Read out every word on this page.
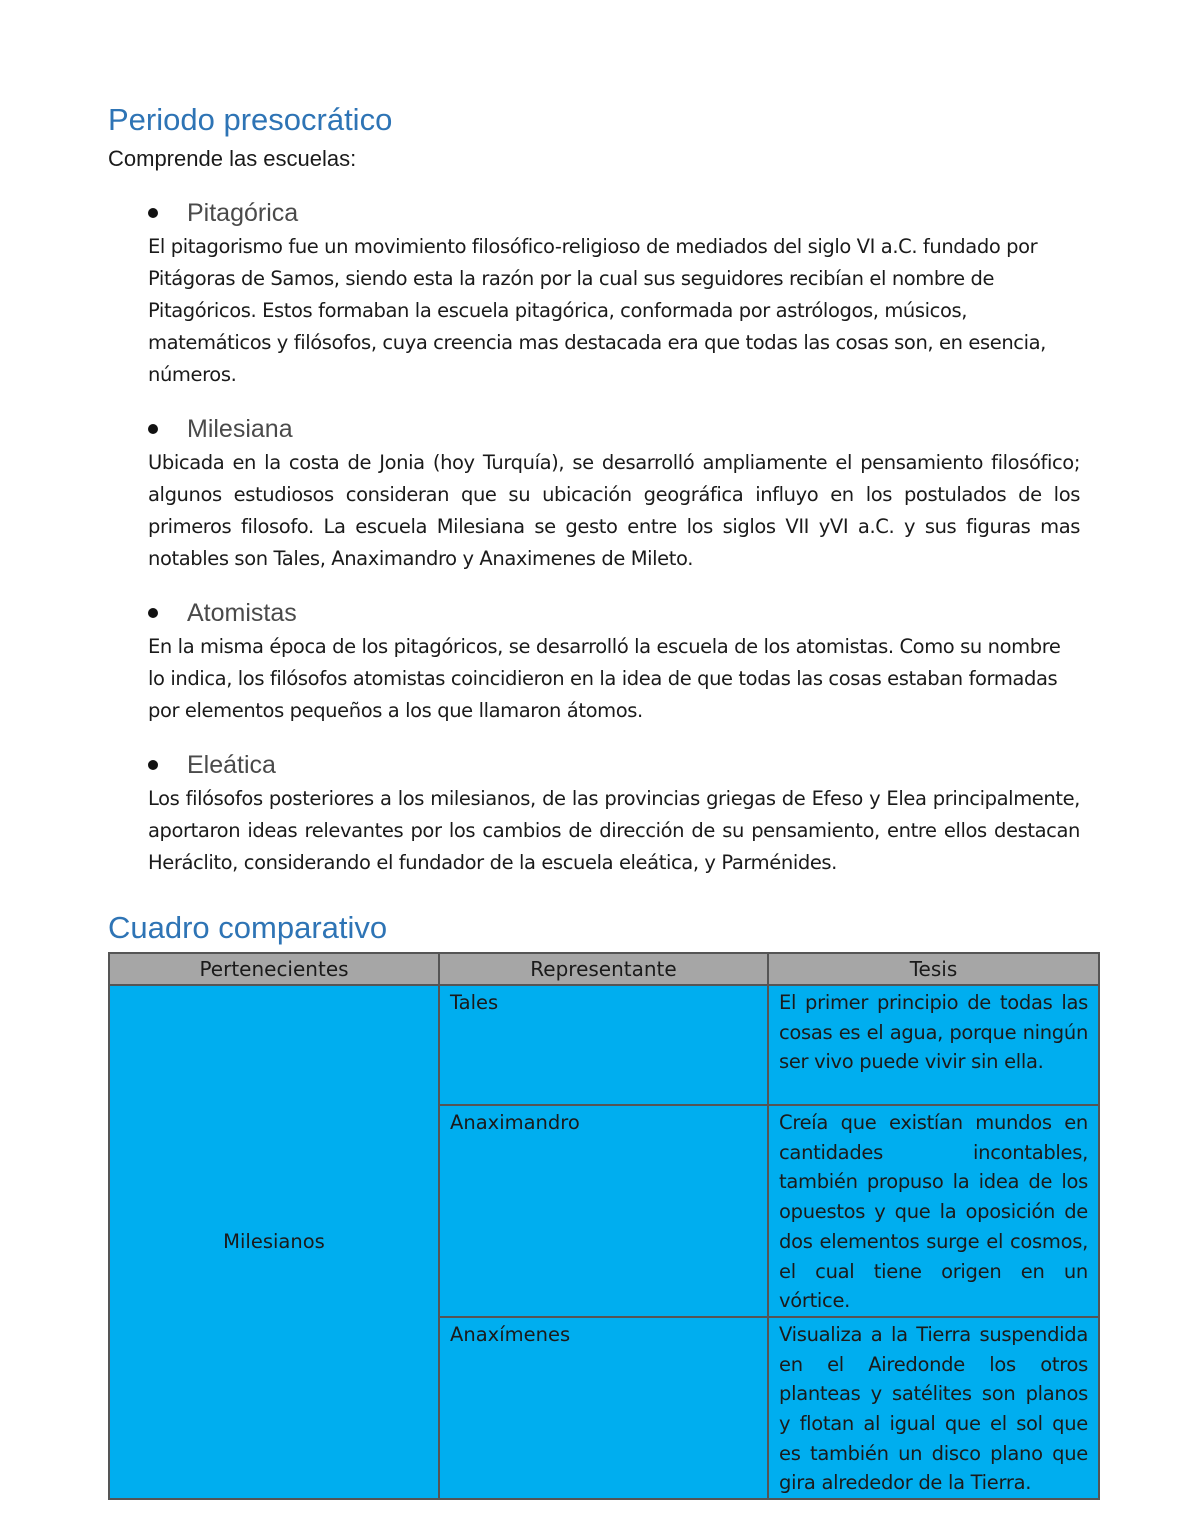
Periodo presocrático

Comprende las escuelas:

Pitagórica

El pitagorismo fue un movimiento filosófico-religioso de mediados del siglo VI a.C. fundado por Pitágoras de Samos, siendo esta la razón por la cual sus seguidores recibían el nombre de Pitagóricos. Estos formaban la escuela pitagórica, conformada por astrólogos, músicos, matemáticos y filósofos, cuya creencia mas destacada era que todas las cosas son, en esencia, números.

Milesiana

Ubicada en la costa de Jonia (hoy Turquía), se desarrolló ampliamente el pensamiento filosófico; algunos estudiosos consideran que su ubicación geográfica influyo en los postulados de los primeros filosofo. La escuela Milesiana se gesto entre los siglos VII yVI a.C. y sus figuras mas notables son Tales, Anaximandro y Anaximenes de Mileto.

Atomistas

En la misma época de los pitagóricos, se desarrolló la escuela de los atomistas. Como su nombre lo indica, los filósofos atomistas coincidieron en la idea de que todas las cosas estaban formadas por elementos pequeños a los que llamaron átomos.

Eleática

Los filósofos posteriores a los milesianos, de las provincias griegas de Efeso y Elea principalmente, aportaron ideas relevantes por los cambios de dirección de su pensamiento, entre ellos destacan Heráclito, considerando el fundador de la escuela eleática, y Parménides.

Cuadro comparativo
Pertenecientes	Representante	Tesis
Milesianos	Tales	El primer principio de todas las cosas es el agua, porque ningún ser vivo puede vivir sin ella.
	Anaximandro	Creía que existían mundos en cantidades incontables, también propuso la idea de los opuestos y que la oposición de dos elementos surge el cosmos, el cual tiene origen en un vórtice.
	Anaxímenes	Visualiza a la Tierra suspendida en el Airedonde los otros planteas y satélites son planos y flotan al igual que el sol que es también un disco plano que gira alrededor de la Tierra.
